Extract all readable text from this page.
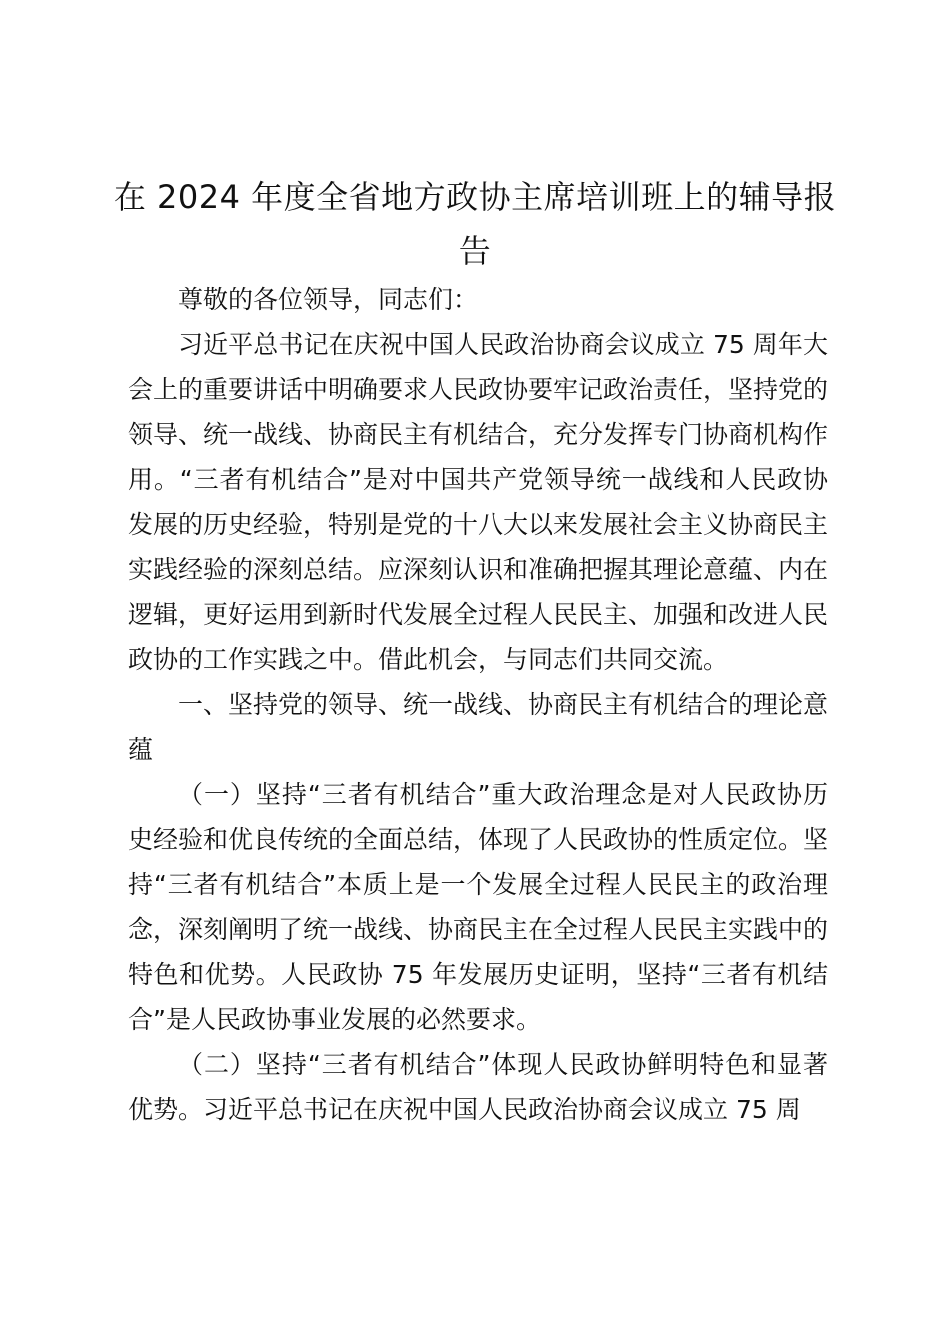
在 2024 年度全省地方政协主席培训班上的辅导报告

尊敬的各位领导，同志们：

习近平总书记在庆祝中国人民政治协商会议成立 75 周年大会上的重要讲话中明确要求人民政协要牢记政治责任，坚持党的领导、统一战线、协商民主有机结合，充分发挥专门协商机构作用。“三者有机结合”是对中国共产党领导统一战线和人民政协发展的历史经验，特别是党的十八大以来发展社会主义协商民主实践经验的深刻总结。应深刻认识和准确把握其理论意蕴、内在逻辑，更好运用到新时代发展全过程人民民主、加强和改进人民政协的工作实践之中。借此机会，与同志们共同交流。

一、坚持党的领导、统一战线、协商民主有机结合的理论意蕴

（一）坚持“三者有机结合”重大政治理念是对人民政协历史经验和优良传统的全面总结，体现了人民政协的性质定位。坚持“三者有机结合”本质上是一个发展全过程人民民主的政治理念，深刻阐明了统一战线、协商民主在全过程人民民主实践中的特色和优势。人民政协 75 年发展历史证明，坚持“三者有机结合”是人民政协事业发展的必然要求。

（二）坚持“三者有机结合”体现人民政协鲜明特色和显著优势。习近平总书记在庆祝中国人民政治协商会议成立 75 周
